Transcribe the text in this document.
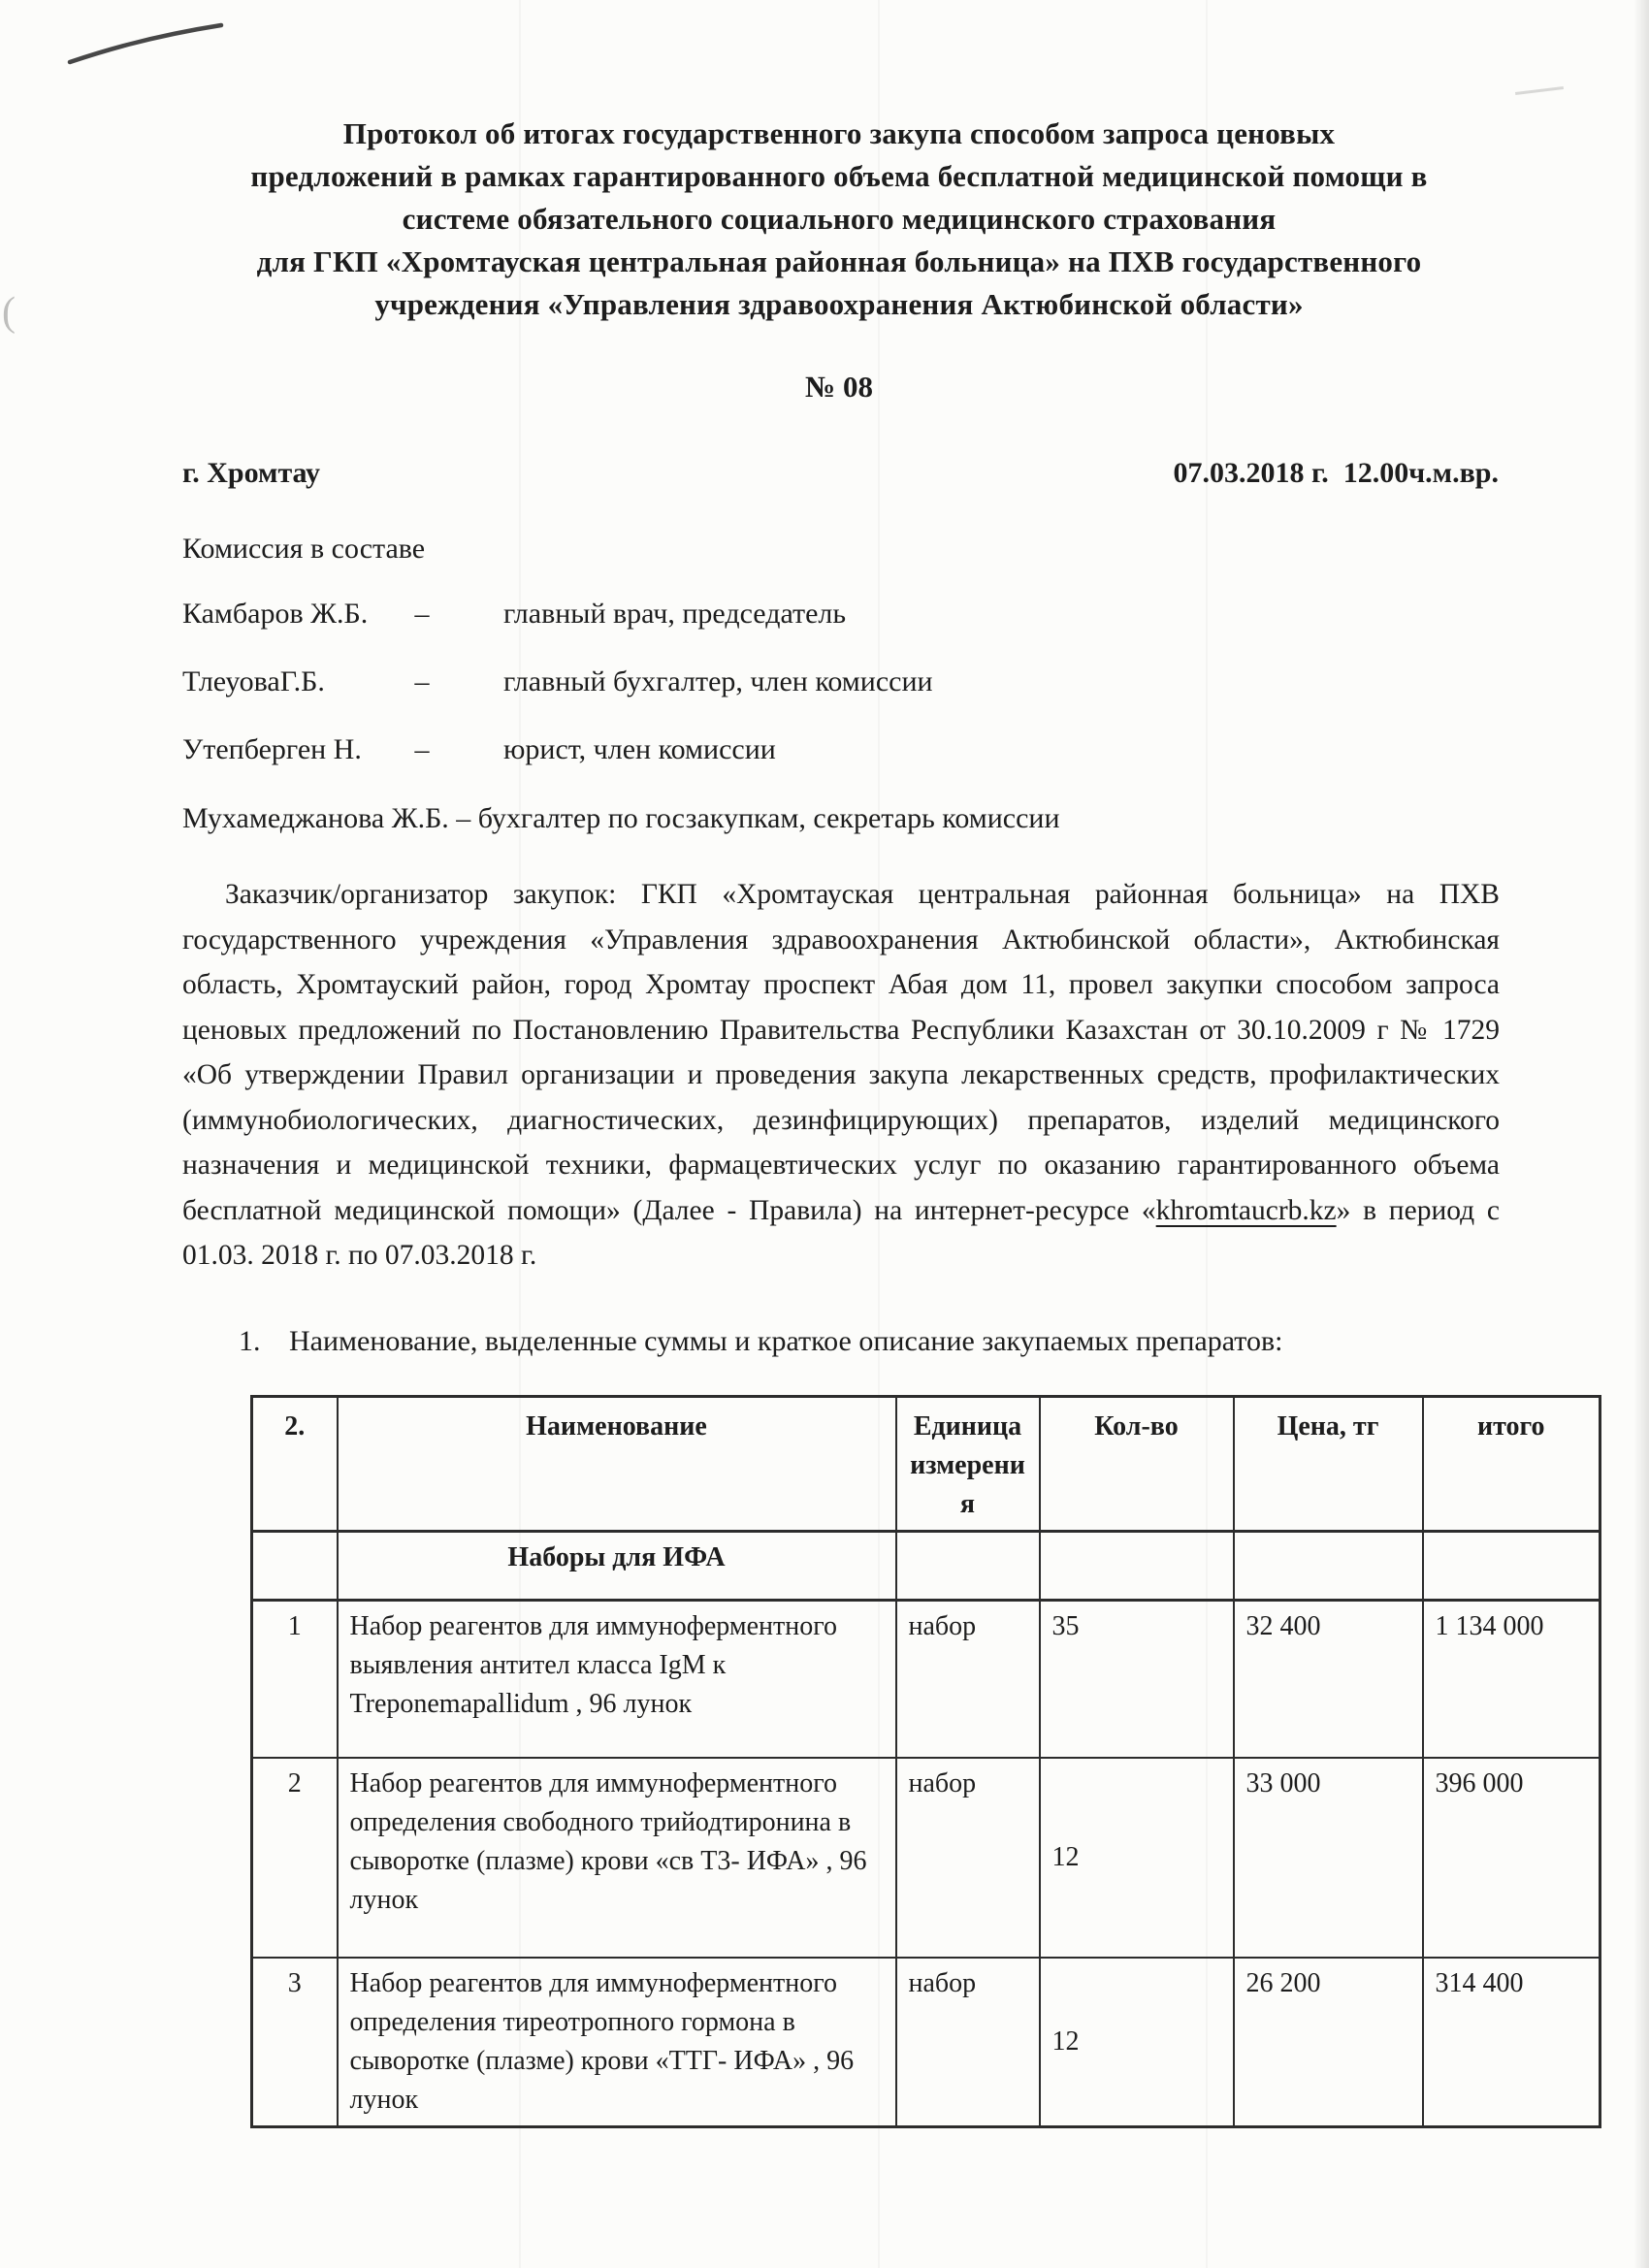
(
Протокол об итогах государственного закупа способом запроса ценовых
предложений в рамках гарантированного объема бесплатной медицинской помощи в
системе обязательного социального медицинского страхования
для ГКП «Хромтауская центральная районная больница» на ПХВ государственного
учреждения «Управления здравоохранения Актюбинской области»
№ 08
г. Хромтау	07.03.2018 г.  12.00ч.м.вр.
Комиссия в составе
Камбаров Ж.Б. –	главный врач, председатель
ТлеуоваГ.Б.	–	главный бухгалтер, член комиссии
Утепберген Н. –	юрист, член комиссии
Мухамеджанова Ж.Б. – бухгалтер по госзакупкам, секретарь комиссии
Заказчик/организатор закупок: ГКП «Хромтауская центральная районная больница» на ПХВ государственного учреждения «Управления здравоохранения Актюбинской области», Актюбинская область, Хромтауский район, город Хромтау проспект Абая дом 11, провел закупки способом запроса ценовых предложений по Постановлению Правительства Республики Казахстан от 30.10.2009 г № 1729 «Об утверждении Правил организации и проведения закупа лекарственных средств, профилактических (иммунобиологических, диагностических, дезинфицирующих) препаратов, изделий медицинского назначения и медицинской техники, фармацевтических услуг по оказанию гарантированного объема бесплатной медицинской помощи» (Далее - Правила) на интернет-ресурсе «khromtaucrb.kz» в период с 01.03. 2018 г. по 07.03.2018 г.
1. Наименование, выделенные суммы и краткое описание закупаемых препаратов:
2.	Наименование	Единица измерения	Кол-во	Цена, тг	итого
	Наборы для ИФА				
1	Набор реагентов для иммуноферментного выявления антител класса IgM к Treponemapallidum , 96 лунок	набор	35	32 400	1 134 000
2	Набор реагентов для иммуноферментного определения свободного трийодтиронина в сыворотке (плазме) крови «св Т3- ИФА» , 96 лунок	набор	12	33 000	396 000
3	Набор реагентов для иммуноферментного определения тиреотропного гормона в сыворотке (плазме) крови «ТТГ- ИФА» , 96 лунок	набор	12	26 200	314 400
